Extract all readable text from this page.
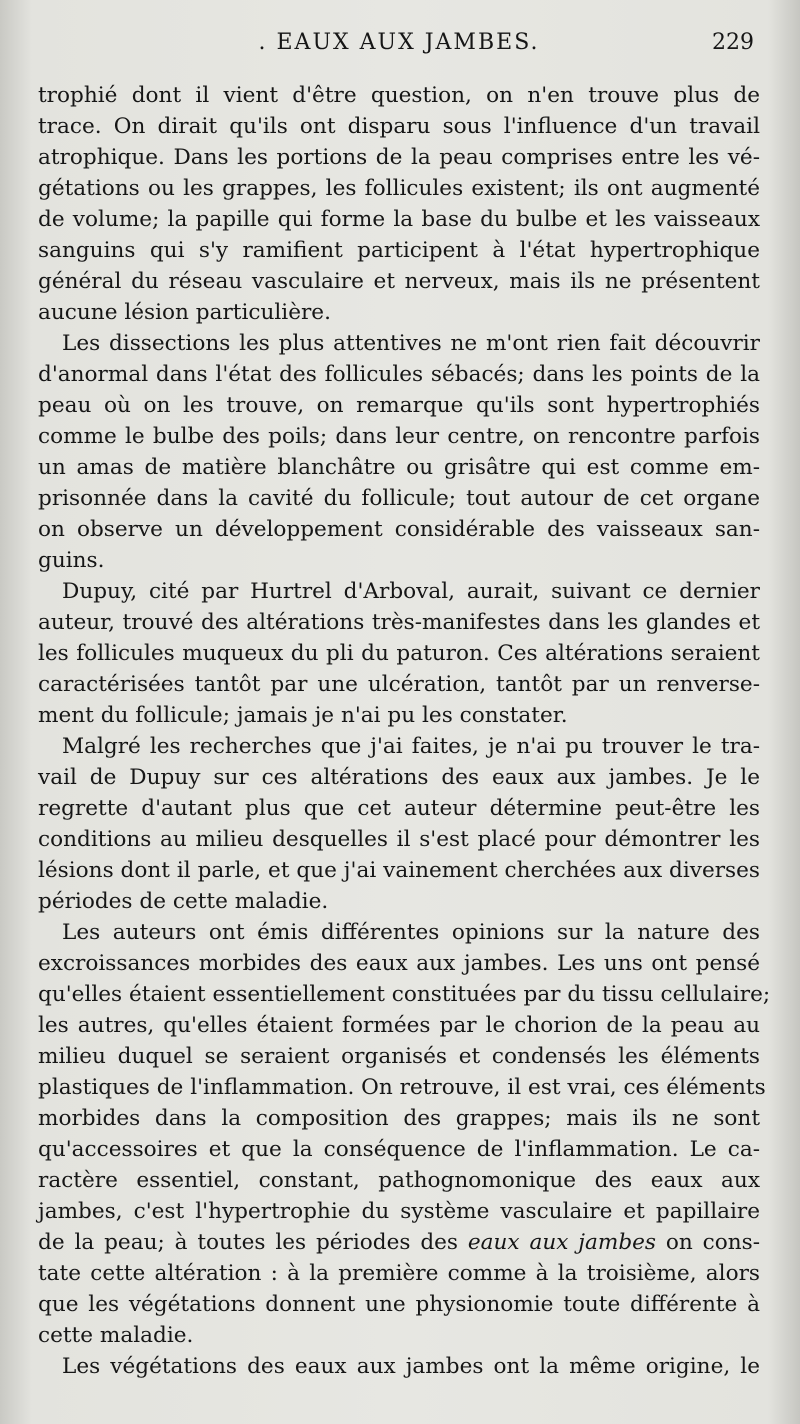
. EAUX AUX JAMBES.	229
trophié dont il vient d'être question, on n'en trouve plus de
trace. On dirait qu'ils ont disparu sous l'influence d'un travail
atrophique. Dans les portions de la peau comprises entre les vé-
gétations ou les grappes, les follicules existent; ils ont augmenté
de volume; la papille qui forme la base du bulbe et les vaisseaux
sanguins qui s'y ramifient participent à l'état hypertrophique
général du réseau vasculaire et nerveux, mais ils ne présentent
aucune lésion particulière.
Les dissections les plus attentives ne m'ont rien fait découvrir
d'anormal dans l'état des follicules sébacés; dans les points de la
peau où on les trouve, on remarque qu'ils sont hypertrophiés
comme le bulbe des poils; dans leur centre, on rencontre parfois
un amas de matière blanchâtre ou grisâtre qui est comme em-
prisonnée dans la cavité du follicule; tout autour de cet organe
on observe un développement considérable des vaisseaux san-
guins.
Dupuy, cité par Hurtrel d'Arboval, aurait, suivant ce dernier
auteur, trouvé des altérations très-manifestes dans les glandes et
les follicules muqueux du pli du paturon. Ces altérations seraient
caractérisées tantôt par une ulcération, tantôt par un renverse-
ment du follicule; jamais je n'ai pu les constater.
Malgré les recherches que j'ai faites, je n'ai pu trouver le tra-
vail de Dupuy sur ces altérations des eaux aux jambes. Je le
regrette d'autant plus que cet auteur détermine peut-être les
conditions au milieu desquelles il s'est placé pour démontrer les
lésions dont il parle, et que j'ai vainement cherchées aux diverses
périodes de cette maladie.
Les auteurs ont émis différentes opinions sur la nature des
excroissances morbides des eaux aux jambes. Les uns ont pensé
qu'elles étaient essentiellement constituées par du tissu cellulaire;
les autres, qu'elles étaient formées par le chorion de la peau au
milieu duquel se seraient organisés et condensés les éléments
plastiques de l'inflammation. On retrouve, il est vrai, ces éléments
morbides dans la composition des grappes; mais ils ne sont
qu'accessoires et que la conséquence de l'inflammation. Le ca-
ractère essentiel, constant, pathognomonique des eaux aux
jambes, c'est l'hypertrophie du système vasculaire et papillaire
de la peau; à toutes les périodes des eaux aux jambes on cons-
tate cette altération : à la première comme à la troisième, alors
que les végétations donnent une physionomie toute différente à
cette maladie.
Les végétations des eaux aux jambes ont la même origine, le
